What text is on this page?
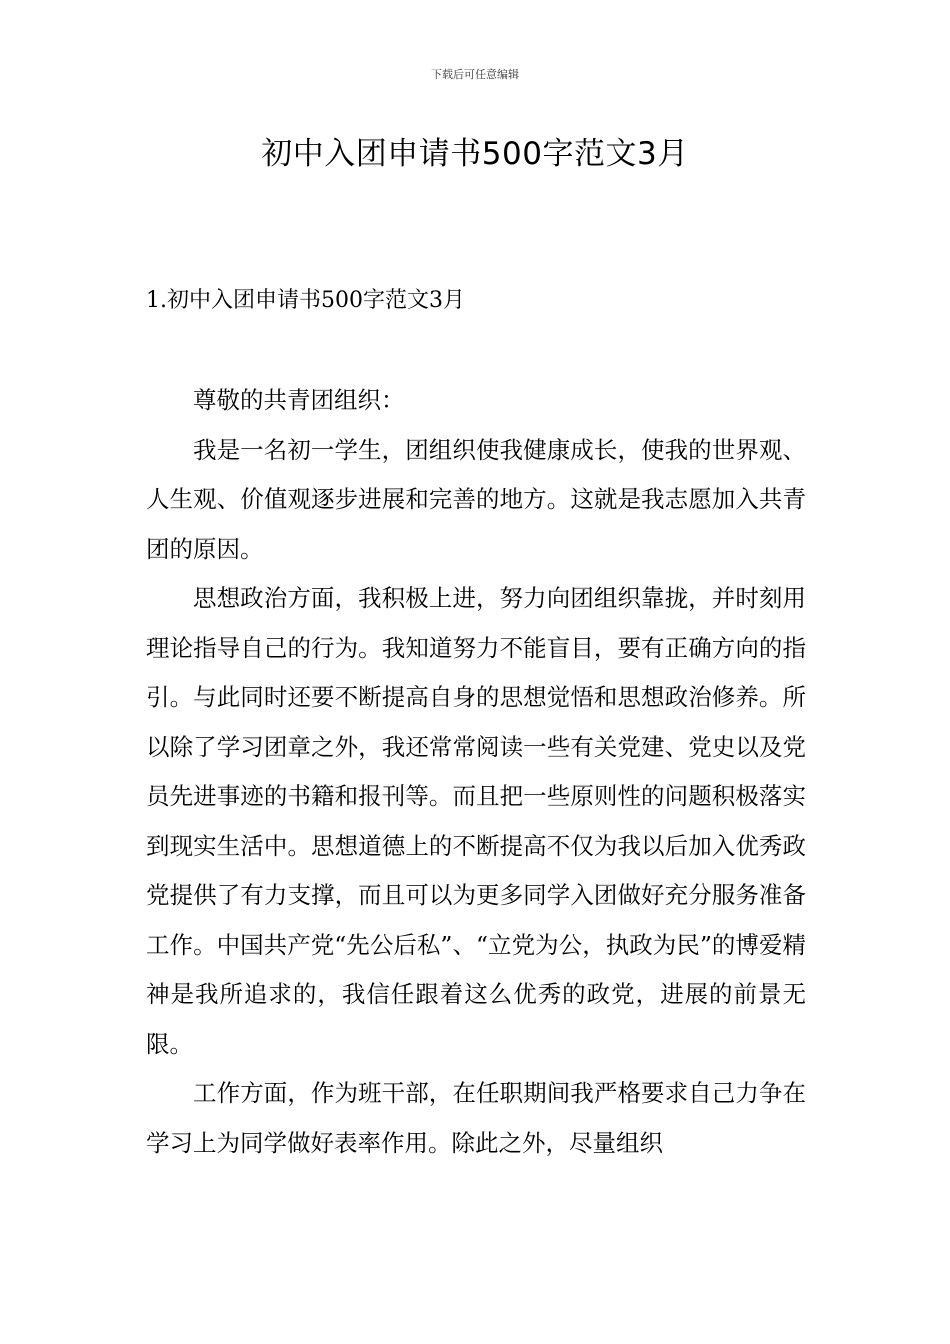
下载后可任意编辑
初中入团申请书500字范文3月
1.初中入团申请书500字范文3月

尊敬的共青团组织：

我是一名初一学生，团组织使我健康成长，使我的世界观、人生观、价值观逐步进展和完善的地方。这就是我志愿加入共青团的原因。

思想政治方面，我积极上进，努力向团组织靠拢，并时刻用理论指导自己的行为。我知道努力不能盲目，要有正确方向的指引。与此同时还要不断提高自身的思想觉悟和思想政治修养。所以除了学习团章之外，我还常常阅读一些有关党建、党史以及党员先进事迹的书籍和报刊等。而且把一些原则性的问题积极落实到现实生活中。思想道德上的不断提高不仅为我以后加入优秀政党提供了有力支撑，而且可以为更多同学入团做好充分服务准备工作。中国共产党“先公后私”、“立党为公，执政为民”的博爱精神是我所追求的，我信任跟着这么优秀的政党，进展的前景无限。

工作方面，作为班干部，在任职期间我严格要求自己力争在学习上为同学做好表率作用。除此之外，尽量组织
